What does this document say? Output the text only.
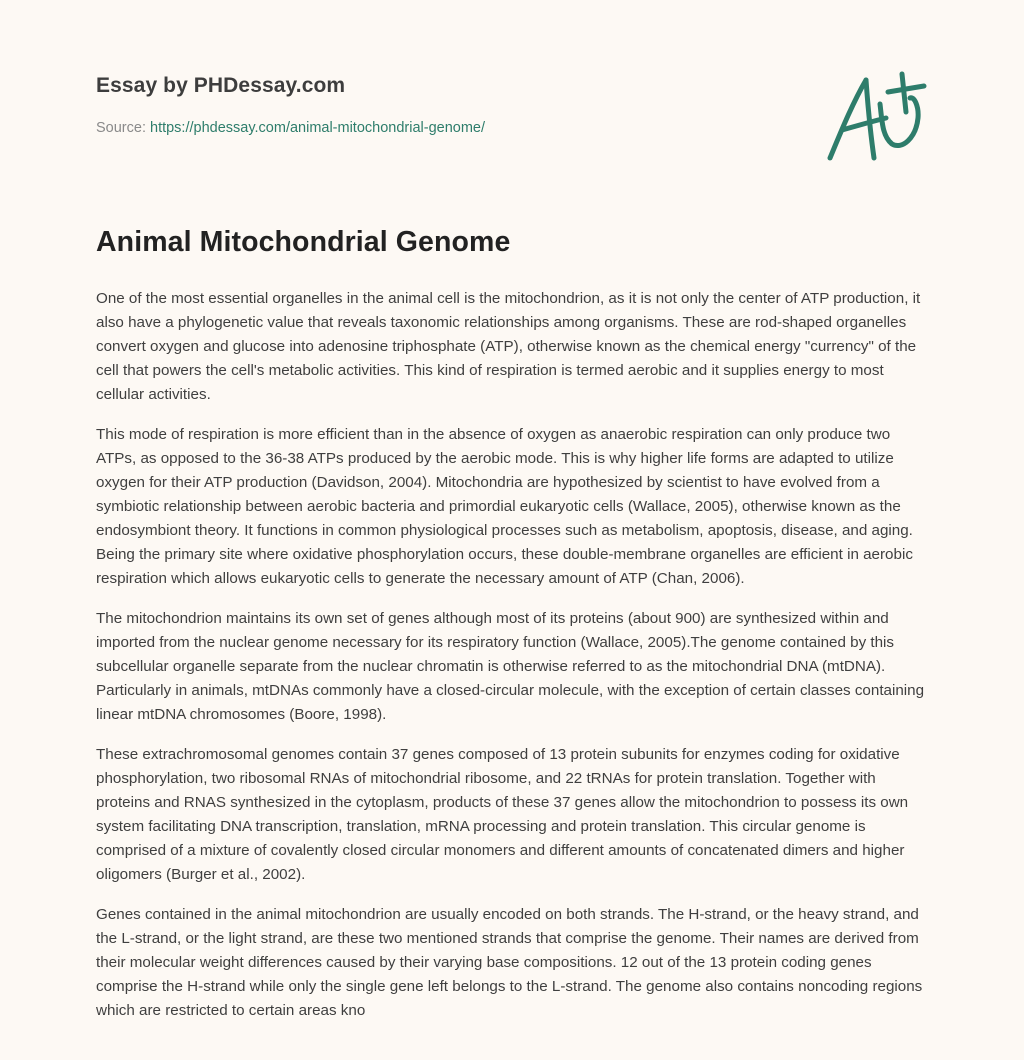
Essay by PHDessay.com
Source: https://phdessay.com/animal-mitochondrial-genome/
Animal Mitochondrial Genome

One of the most essential organelles in the animal cell is the mitochondrion, as it is not only the center of ATP production, it also have a phylogenetic value that reveals taxonomic relationships among organisms. These are rod-shaped organelles convert oxygen and glucose into adenosine triphosphate (ATP), otherwise known as the chemical energy "currency" of the cell that powers the cell's metabolic activities. This kind of respiration is termed aerobic and it supplies energy to most cellular activities.

This mode of respiration is more efficient than in the absence of oxygen as anaerobic respiration can only produce two ATPs, as opposed to the 36-38 ATPs produced by the aerobic mode. This is why higher life forms are adapted to utilize oxygen for their ATP production (Davidson, 2004). Mitochondria are hypothesized by scientist to have evolved from a symbiotic relationship between aerobic bacteria and primordial eukaryotic cells (Wallace, 2005), otherwise known as the endosymbiont theory. It functions in common physiological processes such as metabolism, apoptosis, disease, and aging. Being the primary site where oxidative phosphorylation occurs, these double-membrane organelles are efficient in aerobic respiration which allows eukaryotic cells to generate the necessary amount of ATP (Chan, 2006).

The mitochondrion maintains its own set of genes although most of its proteins (about 900) are synthesized within and imported from the nuclear genome necessary for its respiratory function (Wallace, 2005).The genome contained by this subcellular organelle separate from the nuclear chromatin is otherwise referred to as the mitochondrial DNA (mtDNA). Particularly in animals, mtDNAs commonly have a closed-circular molecule, with the exception of certain classes containing linear mtDNA chromosomes (Boore, 1998).

These extrachromosomal genomes contain 37 genes composed of 13 protein subunits for enzymes coding for oxidative phosphorylation, two ribosomal RNAs of mitochondrial ribosome, and 22 tRNAs for protein translation. Together with proteins and RNAS synthesized in the cytoplasm, products of these 37 genes allow the mitochondrion to possess its own system facilitating DNA transcription, translation, mRNA processing and protein translation. This circular genome is comprised of a mixture of covalently closed circular monomers and different amounts of concatenated dimers and higher oligomers (Burger et al., 2002).

Genes contained in the animal mitochondrion are usually encoded on both strands. The H-strand, or the heavy strand, and the L-strand, or the light strand, are these two mentioned strands that comprise the genome. Their names are derived from their molecular weight differences caused by their varying base compositions. 12 out of the 13 protein coding genes comprise the H-strand while only the single gene left belongs to the L-strand. The genome also contains noncoding regions which are restricted to certain areas kno
